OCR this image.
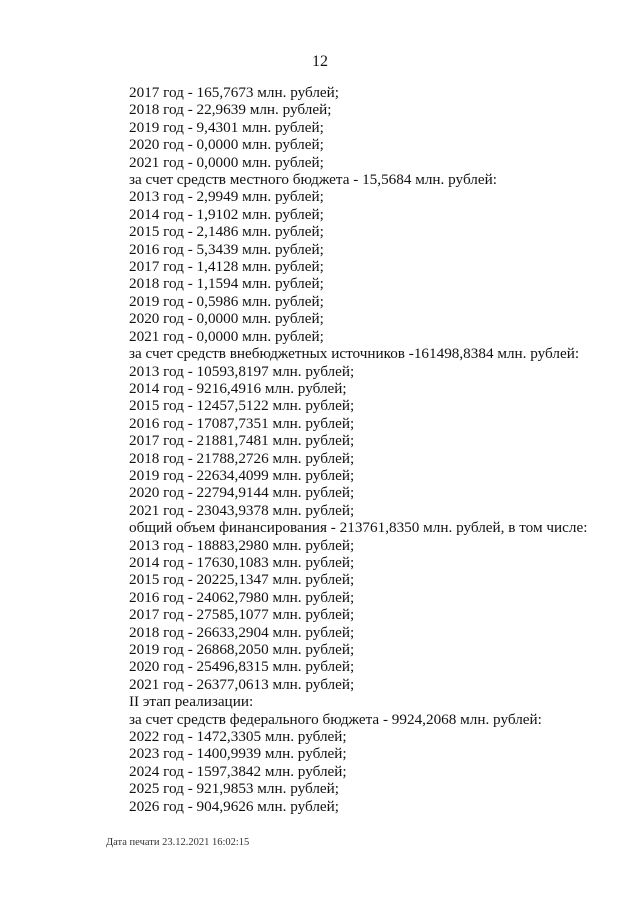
12
2017 год - 165,7673 млн. рублей;
2018 год - 22,9639 млн. рублей;
2019 год - 9,4301 млн. рублей;
2020 год - 0,0000 млн. рублей;
2021 год - 0,0000 млн. рублей;
за счет средств местного бюджета - 15,5684 млн. рублей:
2013 год - 2,9949 млн. рублей;
2014 год - 1,9102 млн. рублей;
2015 год - 2,1486 млн. рублей;
2016 год - 5,3439 млн. рублей;
2017 год - 1,4128 млн. рублей;
2018 год - 1,1594 млн. рублей;
2019 год - 0,5986 млн. рублей;
2020 год - 0,0000 млн. рублей;
2021 год - 0,0000 млн. рублей;
за счет средств внебюджетных источников -161498,8384 млн. рублей:
2013 год - 10593,8197 млн. рублей;
2014 год - 9216,4916 млн. рублей;
2015 год - 12457,5122 млн. рублей;
2016 год - 17087,7351 млн. рублей;
2017 год - 21881,7481 млн. рублей;
2018 год - 21788,2726 млн. рублей;
2019 год - 22634,4099 млн. рублей;
2020 год - 22794,9144 млн. рублей;
2021 год - 23043,9378 млн. рублей;
общий объем финансирования - 213761,8350 млн. рублей, в том числе:
2013 год - 18883,2980 млн. рублей;
2014 год - 17630,1083 млн. рублей;
2015 год - 20225,1347 млн. рублей;
2016 год - 24062,7980 млн. рублей;
2017 год - 27585,1077 млн. рублей;
2018 год - 26633,2904 млн. рублей;
2019 год - 26868,2050 млн. рублей;
2020 год - 25496,8315 млн. рублей;
2021 год - 26377,0613 млн. рублей;
II этап реализации:
за счет средств федерального бюджета - 9924,2068 млн. рублей:
2022 год - 1472,3305 млн. рублей;
2023 год - 1400,9939 млн. рублей;
2024 год - 1597,3842 млн. рублей;
2025 год - 921,9853 млн. рублей;
2026 год - 904,9626 млн. рублей;
Дата печати 23.12.2021 16:02:15
